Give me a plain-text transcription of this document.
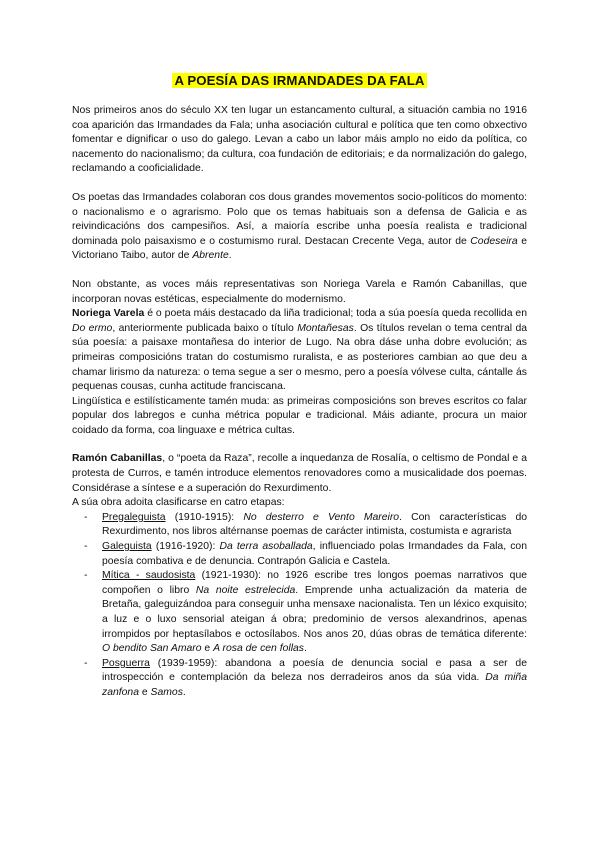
A POESÍA DAS IRMANDADES DA FALA

Nos primeiros anos do século XX ten lugar un estancamento cultural, a situación cambia no 1916 coa aparición das Irmandades da Fala; unha asociación cultural e política que ten como obxectivo fomentar e dignificar o uso do galego. Levan a cabo un labor máis amplo no eido da política, co nacemento do nacionalismo; da cultura, coa fundación de editoriais; e da normalización do galego, reclamando a cooficialidade.

Os poetas das Irmandades colaboran cos dous grandes movementos socio-políticos do momento: o nacionalismo e o agrarismo. Polo que os temas habituais son a defensa de Galicia e as reivindicacións dos campesiños. Así, a maioría escribe unha poesía realista e tradicional dominada polo paisaxismo e o costumismo rural. Destacan Crecente Vega, autor de Codeseira e Victoriano Taibo, autor de Abrente.

Non obstante, as voces máis representativas son Noriega Varela e Ramón Cabanillas, que incorporan novas estéticas, especialmente do modernismo.

Noriega Varela é o poeta máis destacado da liña tradicional; toda a súa poesía queda recollida en Do ermo, anteriormente publicada baixo o título Montañesas. Os títulos revelan o tema central da súa poesía: a paisaxe montañesa do interior de Lugo. Na obra dáse unha dobre evolución; as primeiras composicións tratan do costumismo ruralista, e as posteriores cambian ao que deu a chamar lirismo da natureza: o tema segue a ser o mesmo, pero a poesía vólvese culta, cántalle ás pequenas cousas, cunha actitude franciscana.

Lingüística e estilísticamente tamén muda: as primeiras composicións son breves escritos co falar popular dos labregos e cunha métrica popular e tradicional. Máis adiante, procura un maior coidado da forma, coa linguaxe e métrica cultas.

Ramón Cabanillas, o “poeta da Raza”, recolle a inquedanza de Rosalía, o celtismo de Pondal e a protesta de Curros, e tamén introduce elementos renovadores como a musicalidade dos poemas. Considérase a síntese e a superación do Rexurdimento.

A súa obra adoita clasificarse en catro etapas:

- Pregaleguista (1910-1915): No desterro e Vento Mareiro. Con características do Rexurdimento, nos libros altérnanse poemas de carácter intimista, costumista e agrarista
- Galeguista (1916-1920): Da terra asoballada, influenciado polas Irmandades da Fala, con poesía combativa e de denuncia. Contrapón Galicia e Castela.
- Mítica - saudosista (1921-1930): no 1926 escribe tres longos poemas narrativos que compoñen o libro Na noite estrelecida. Emprende unha actualización da materia de Bretaña, galeguizándoa para conseguir unha mensaxe nacionalista. Ten un léxico exquisito; a luz e o luxo sensorial ateigan á obra; predominio de versos alexandrinos, apenas irrompidos por heptasílabos e octosílabos. Nos anos 20, dúas obras de temática diferente: O bendito San Amaro e A rosa de cen follas.
- Posguerra (1939-1959): abandona a poesía de denuncia social e pasa a ser de introspección e contemplación da beleza nos derradeiros anos da súa vida. Da miña zanfona e Samos.
